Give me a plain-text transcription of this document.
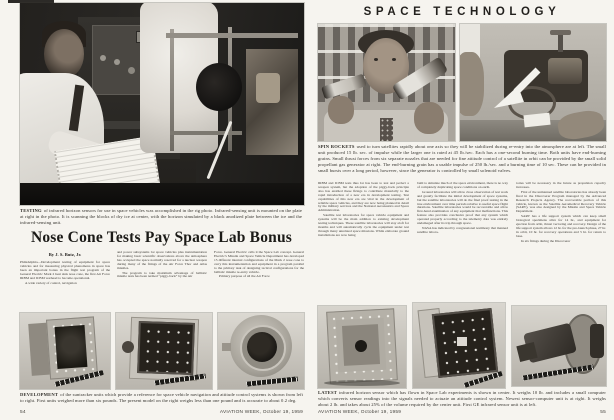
TESTING of infrared horizon sensors for use in space vehicles was accomplished in the rig photo. Infrared-sensing unit is mounted on the plate at right in the photo. It is scanning the blocks of dry ice at center, with the horizon simulated by a black anodized plate between the ice and the infrared-sensing unit.

Nose Cone Tests Pay Space Lab Bonus
By J. S. Butz, Jr.

Philadelphia—Development testing of equipment for space vehicles and for measuring physical phenomena in space has been an important bonus in the flight test program of the General Electric Mark 2 heat sink nose cone, the first Air Force IRBM and ICBM warhead to become operational.

A wide variety of control, navigation

and power subsystems for space vehicles plus instrumentation for making basic scientific observations above the atmosphere has occupied the space normally reserved for a nuclear weapon during many of the firings of the Air Force Thor and Atlas missiles.

The program to take maximum advantage of ballistic missile tests has been termed “piggy-back” by the Air

Force. General Electric calls it the Space Lab concept. General Electric's Missile and Space Vehicle Department has developed 15 different internal configurations of the Mark 2 nose cone to carry this instrumentation and equipment in a program parallel to the primary task of designing tactical configurations for the ballistic missile re-entry vehicle.

Primary purpose of all the Air Force

DEVELOPMENT of the suntracker units which provide a reference for space vehicle navigation and attitude control systems is shown from left to right. First units weighed more than six pounds. The present model on the right weighs less than one pound and is accurate to about 0.2 deg.

54	AVIATION WEEK, October 19, 1959
SPACE TECHNOLOGY

SPIN ROCKETS used to turn satellites rapidly about one axis so they will be stabilized during re-entry into the atmosphere are at left. The small unit produced 15 lb. sec. of impulse while the larger one is rated at 45 lb./sec. Each has a one-second burning time. Both units have end-burning grains. Small thrust forces from six separate nozzles that are needed for fine attitude control of a satellite in orbit can be provided by the small solid propellant gas generator at right. The end-burning grain has a usable impulse of 250 lb./sec. and a burning time of 10 sec. These can be provided in small bursts over a long period, however, since the generator is controlled by small solenoid valves.

IRBM and ICBM tests thus far has been to test and perfect a weapon system, but the adoption of the piggy-back principle also has enabled these firings to contribute materially to the rapid introduction of a new era in development testing. Test capabilities of this new era are vital in the development of reliable space vehicles, and they are now being planned in detail by the military services and the National Aeronautics and Space Administration.

Satellite test laboratories for space vehicle equipment and systems will be the main addition to existing development testing techniques. These satellite laboratories will stay aloft for months and will automatically cycle the equipment under test through many unrelated space missions. While elaborate ground installations are now being

built to simulate much of the space environment, there is no way of completely duplicating space conditions on earth.

Ground laboratories will allow close observation of test work and greatly facilitate the initial development of space systems, but the satellite laboratories will do the final proof testing in the true environment over time periods relative to useful space flight durations. Satellite laboratories would be recoverable and allow first-hand examination of any equipment that malfunctions. This feature also provides conclusive proof that any system which operated properly according to the telemetry data was entirely undamaged after its trip through space.

NASA has indicated by congressional testimony that manned satellite labora-

tories will be necessary in the future as propulsion capacity increases.

First of the unmanned satellite laboratories has already been fired in the Discoverer Program managed by the Advanced Research Projects Agency. The recoverable portion of this vehicle, known as the Satellite Aeromedical Recovery Vehicle (SARV), was also designed by the Missile and Space Vehicle Department.

SARV has a life support system which can keep small biological specimens alive for 14 hr., and equipment for ejection from orbit, thrust vectoring and recovery. Design of the life support system allows 12 hr. for the pre-launch phase, 27 hr. in orbit, 10 hr. for recovery operations and 5 hr. for return to base.

In six firings during the Discoverer

LATEST infrared horizon sensor which has flown in Space Lab experiments is shown in center. It weighs 10 lb. and includes a small computer which converts sensor readings into the signals needed to actuate an attitude control system. Newest sensor-computer unit is at right. It weighs about 2 lb. and takes about 25% of the volume required by the center unit. First GE infrared sensor unit is at left.

AVIATION WEEK, October 19, 1959	55
